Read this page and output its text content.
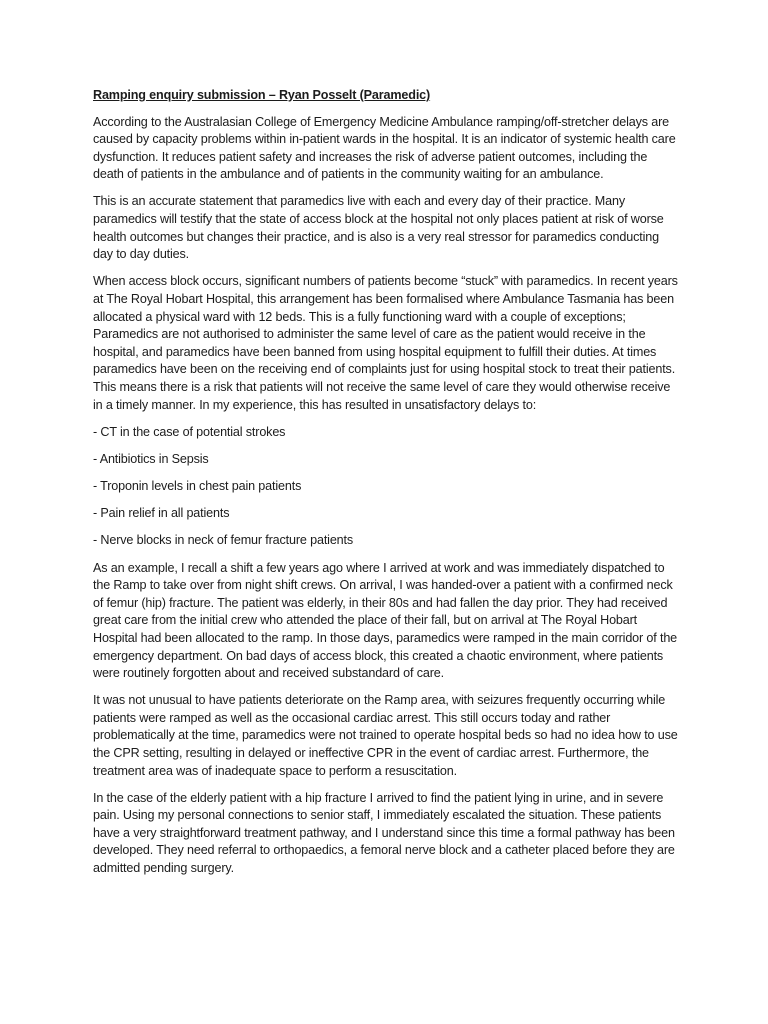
Ramping enquiry submission – Ryan Posselt (Paramedic)

According to the Australasian College of Emergency Medicine Ambulance ramping/off-stretcher delays are caused by capacity problems within in-patient wards in the hospital. It is an indicator of systemic health care dysfunction. It reduces patient safety and increases the risk of adverse patient outcomes, including the death of patients in the ambulance and of patients in the community waiting for an ambulance.

This is an accurate statement that paramedics live with each and every day of their practice. Many paramedics will testify that the state of access block at the hospital not only places patient at risk of worse health outcomes but changes their practice, and is also is a very real stressor for paramedics conducting day to day duties.

When access block occurs, significant numbers of patients become “stuck” with paramedics. In recent years at The Royal Hobart Hospital, this arrangement has been formalised where Ambulance Tasmania has been allocated a physical ward with 12 beds. This is a fully functioning ward with a couple of exceptions; Paramedics are not authorised to administer the same level of care as the patient would receive in the hospital, and paramedics have been banned from using hospital equipment to fulfill their duties. At times paramedics have been on the receiving end of complaints just for using hospital stock to treat their patients. This means there is a risk that patients will not receive the same level of care they would otherwise receive in a timely manner. In my experience, this has resulted in unsatisfactory delays to:

- CT in the case of potential strokes
- Antibiotics in Sepsis
- Troponin levels in chest pain patients
- Pain relief in all patients
- Nerve blocks in neck of femur fracture patients

As an example, I recall a shift a few years ago where I arrived at work and was immediately dispatched to the Ramp to take over from night shift crews. On arrival, I was handed-over a patient with a confirmed neck of femur (hip) fracture. The patient was elderly, in their 80s and had fallen the day prior. They had received great care from the initial crew who attended the place of their fall, but on arrival at The Royal Hobart Hospital had been allocated to the ramp. In those days, paramedics were ramped in the main corridor of the emergency department. On bad days of access block, this created a chaotic environment, where patients were routinely forgotten about and received substandard of care.

It was not unusual to have patients deteriorate on the Ramp area, with seizures frequently occurring while patients were ramped as well as the occasional cardiac arrest. This still occurs today and rather problematically at the time, paramedics were not trained to operate hospital beds so had no idea how to use the CPR setting, resulting in delayed or ineffective CPR in the event of cardiac arrest. Furthermore, the treatment area was of inadequate space to perform a resuscitation.

In the case of the elderly patient with a hip fracture I arrived to find the patient lying in urine, and in severe pain. Using my personal connections to senior staff, I immediately escalated the situation. These patients have a very straightforward treatment pathway, and I understand since this time a formal pathway has been developed. They need referral to orthopaedics, a femoral nerve block and a catheter placed before they are admitted pending surgery.
